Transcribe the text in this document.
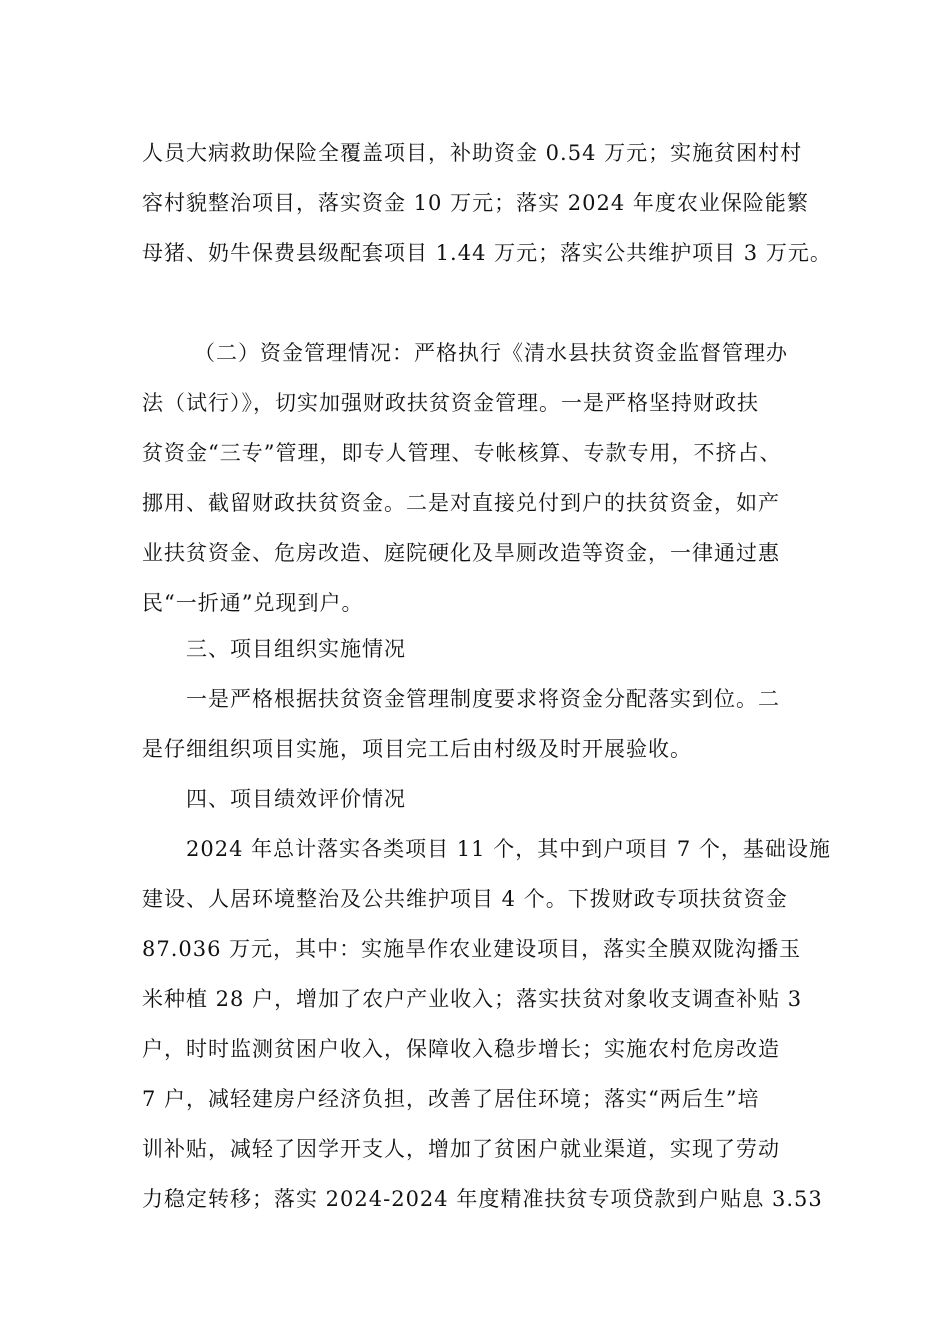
人员大病救助保险全覆盖项目，补助资金 0.54 万元；实施贫困村村
容村貌整治项目，落实资金 10 万元；落实 2024 年度农业保险能繁
母猪、奶牛保费县级配套项目 1.44 万元；落实公共维护项目 3 万元。
（二）资金管理情况：严格执行《清水县扶贫资金监督管理办
法（试行）》，切实加强财政扶贫资金管理。一是严格坚持财政扶
贫资金“三专”管理，即专人管理、专帐核算、专款专用，不挤占、
挪用、截留财政扶贫资金。二是对直接兑付到户的扶贫资金，如产
业扶贫资金、危房改造、庭院硬化及旱厕改造等资金，一律通过惠
民“一折通”兑现到户。
三、项目组织实施情况
一是严格根据扶贫资金管理制度要求将资金分配落实到位。二
是仔细组织项目实施，项目完工后由村级及时开展验收。
四、项目绩效评价情况
2024 年总计落实各类项目 11 个，其中到户项目 7 个，基础设施
建设、人居环境整治及公共维护项目 4 个。下拨财政专项扶贫资金
87.036 万元，其中：实施旱作农业建设项目，落实全膜双陇沟播玉
米种植 28 户，增加了农户产业收入；落实扶贫对象收支调查补贴 3
户，时时监测贫困户收入，保障收入稳步增长；实施农村危房改造
7 户，减轻建房户经济负担，改善了居住环境；落实“两后生”培
训补贴，减轻了因学开支人，增加了贫困户就业渠道，实现了劳动
力稳定转移；落实 2024-2024 年度精准扶贫专项贷款到户贴息 3.53
